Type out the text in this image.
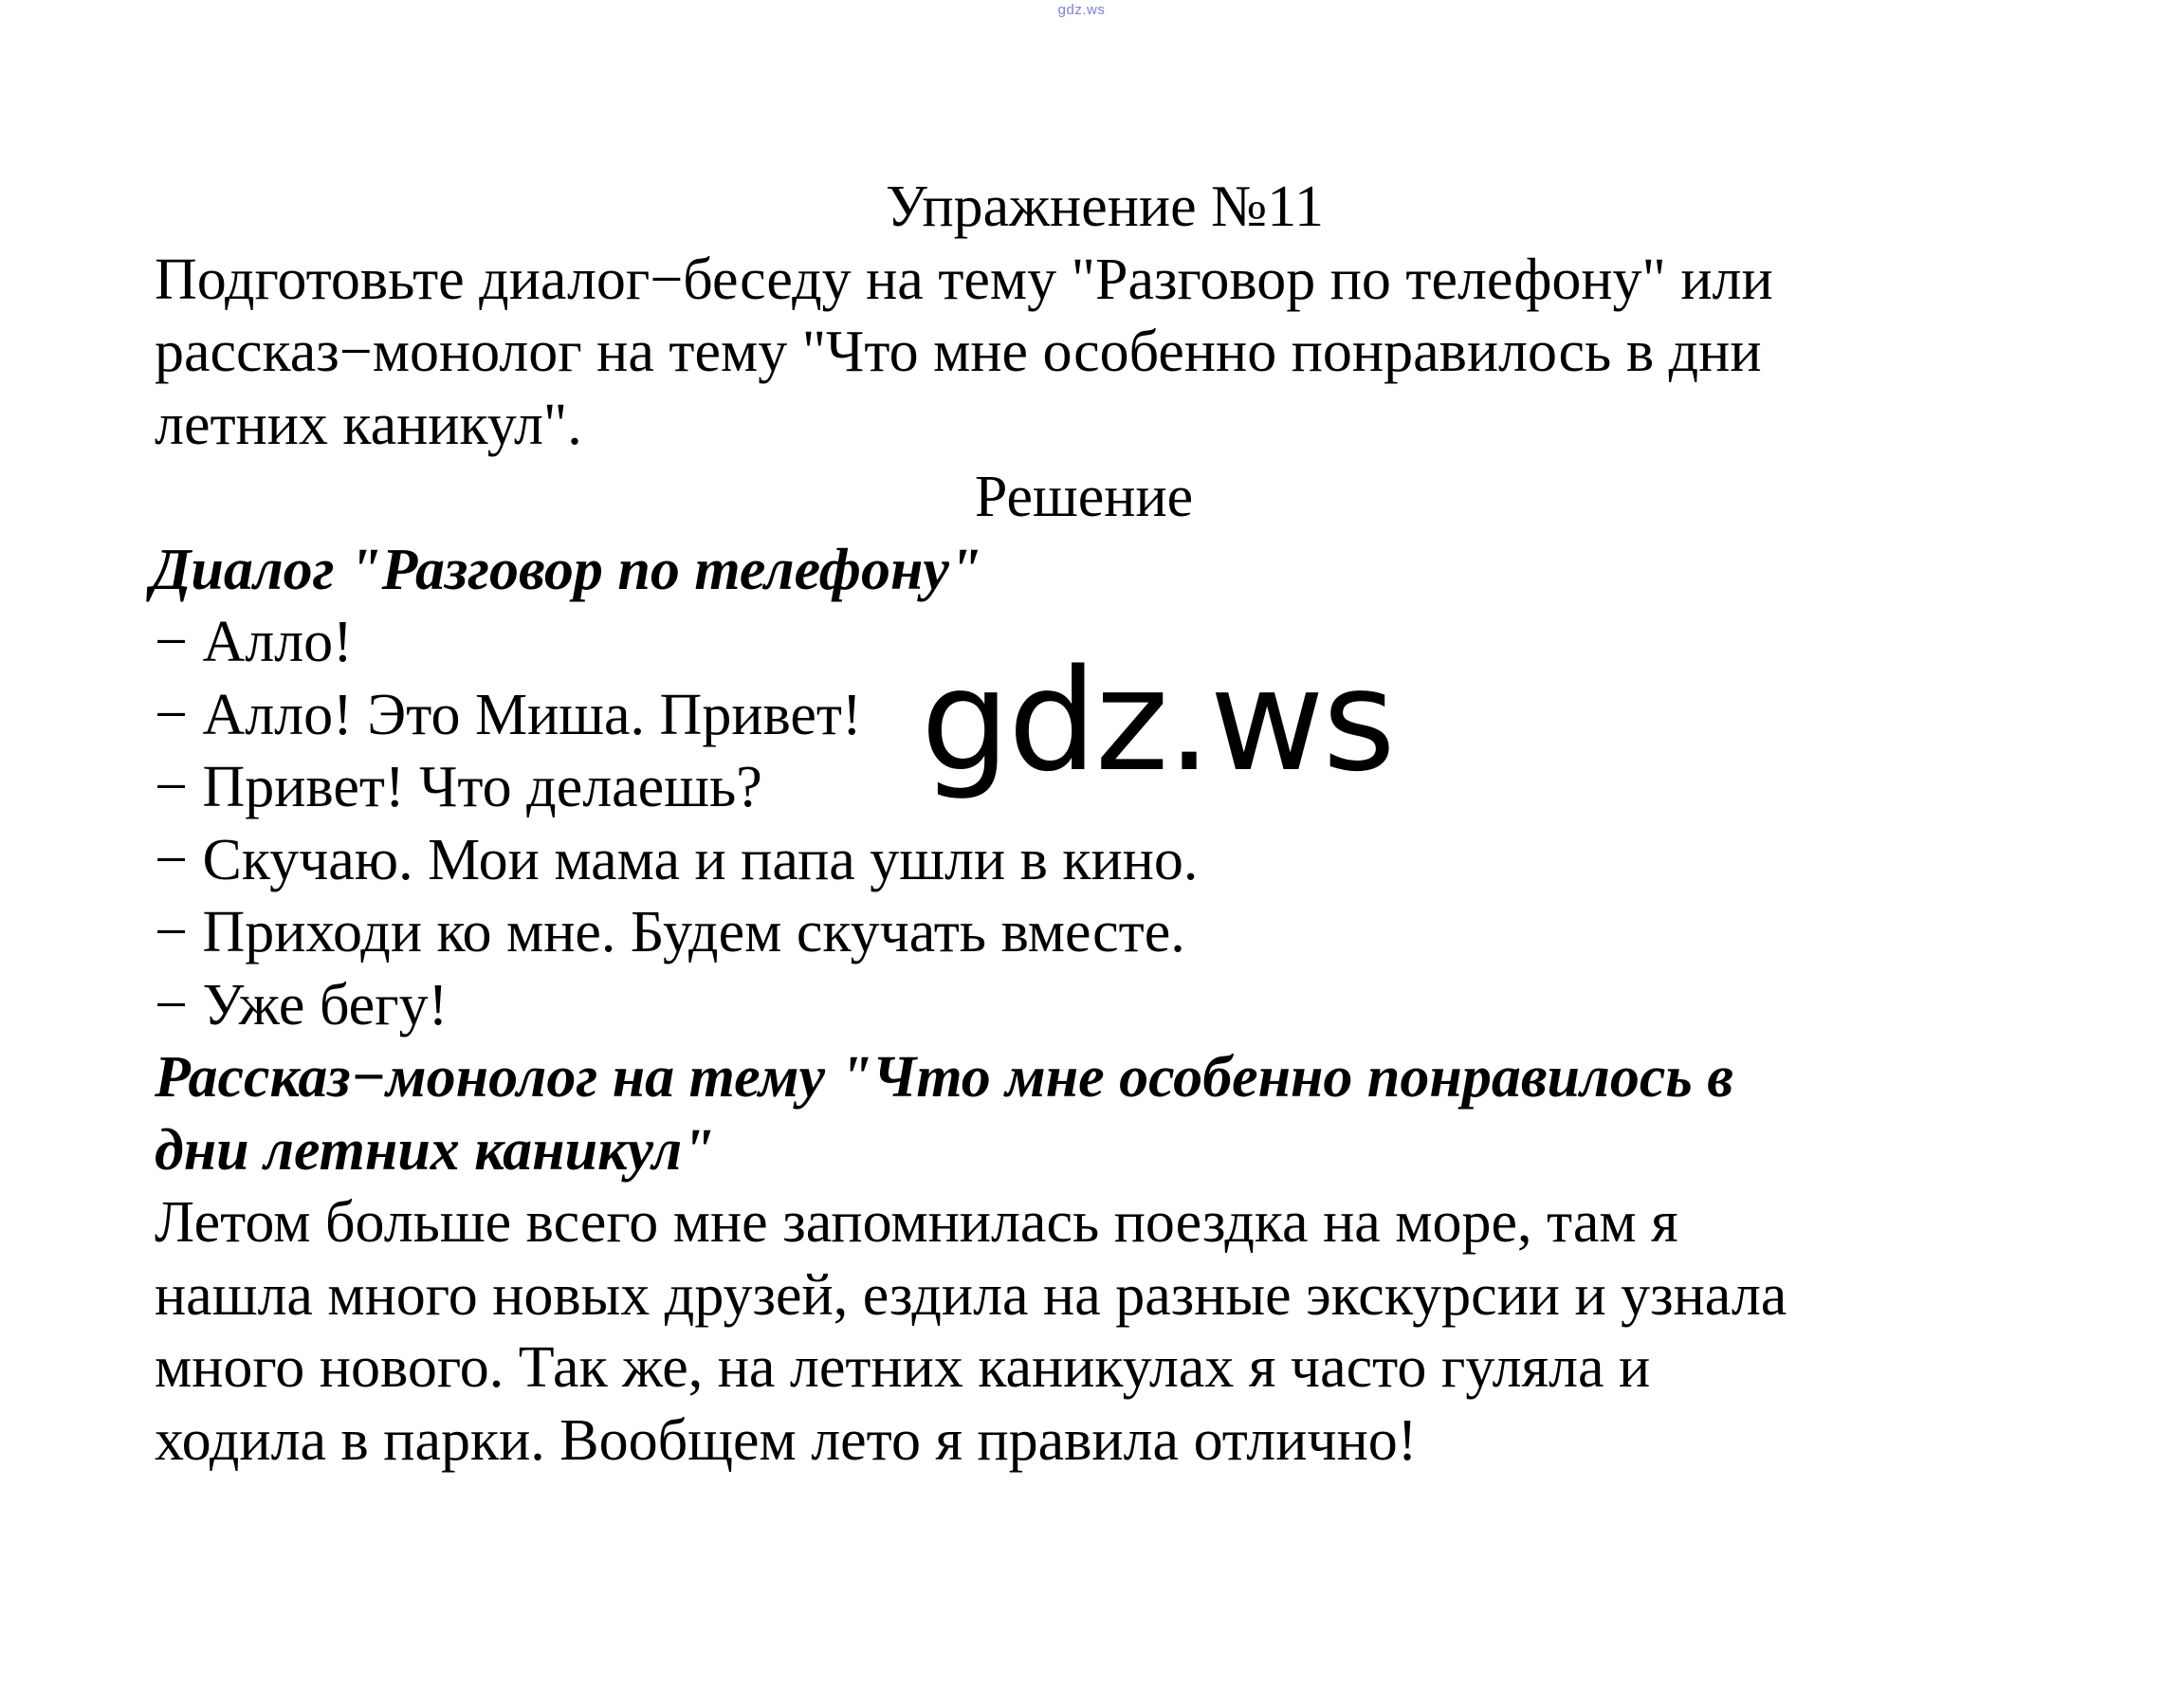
gdz.ws
Упражнение №11
Подготовьте диалог−беседу на тему "Разговор по телефону" или
рассказ−монолог на тему "Что мне особенно понравилось в дни
летних каникул".
Решение
Диалог "Разговор по телефону"
− Алло!
− Алло! Это Миша. Привет!
− Привет! Что делаешь?
− Скучаю. Мои мама и папа ушли в кино.
− Приходи ко мне. Будем скучать вместе.
− Уже бегу!
Рассказ−монолог на тему "Что мне особенно понравилось в
дни летних каникул"
Летом больше всего мне запомнилась поездка на море, там я
нашла много новых друзей, ездила на разные экскурсии и узнала
много нового. Так же, на летних каникулах я часто гуляла и
ходила в парки. Вообщем лето я правила отлично!
gdz.ws
